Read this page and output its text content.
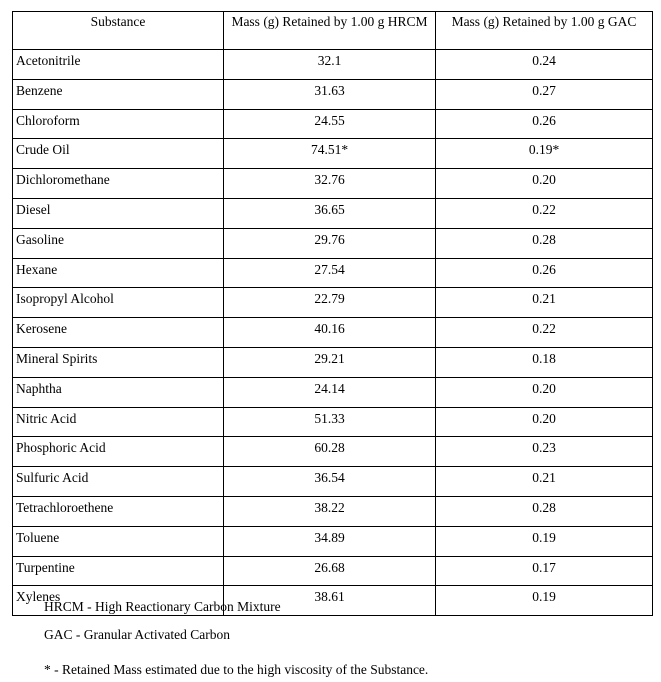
Substance	Mass (g) Retained by 1.00 g HRCM	Mass (g) Retained by 1.00 g GAC
Acetonitrile	32.1	0.24
Benzene	31.63	0.27
Chloroform	24.55	0.26
Crude Oil	74.51*	0.19*
Dichloromethane	32.76	0.20
Diesel	36.65	0.22
Gasoline	29.76	0.28
Hexane	27.54	0.26
Isopropyl Alcohol	22.79	0.21
Kerosene	40.16	0.22
Mineral Spirits	29.21	0.18
Naphtha	24.14	0.20
Nitric Acid	51.33	0.20
Phosphoric Acid	60.28	0.23
Sulfuric Acid	36.54	0.21
Tetrachloroethene	38.22	0.28
Toluene	34.89	0.19
Turpentine	26.68	0.17
Xylenes	38.61	0.19

HRCM - High Reactionary Carbon Mixture

GAC - Granular Activated Carbon

* - Retained Mass estimated due to the high viscosity of the Substance.
